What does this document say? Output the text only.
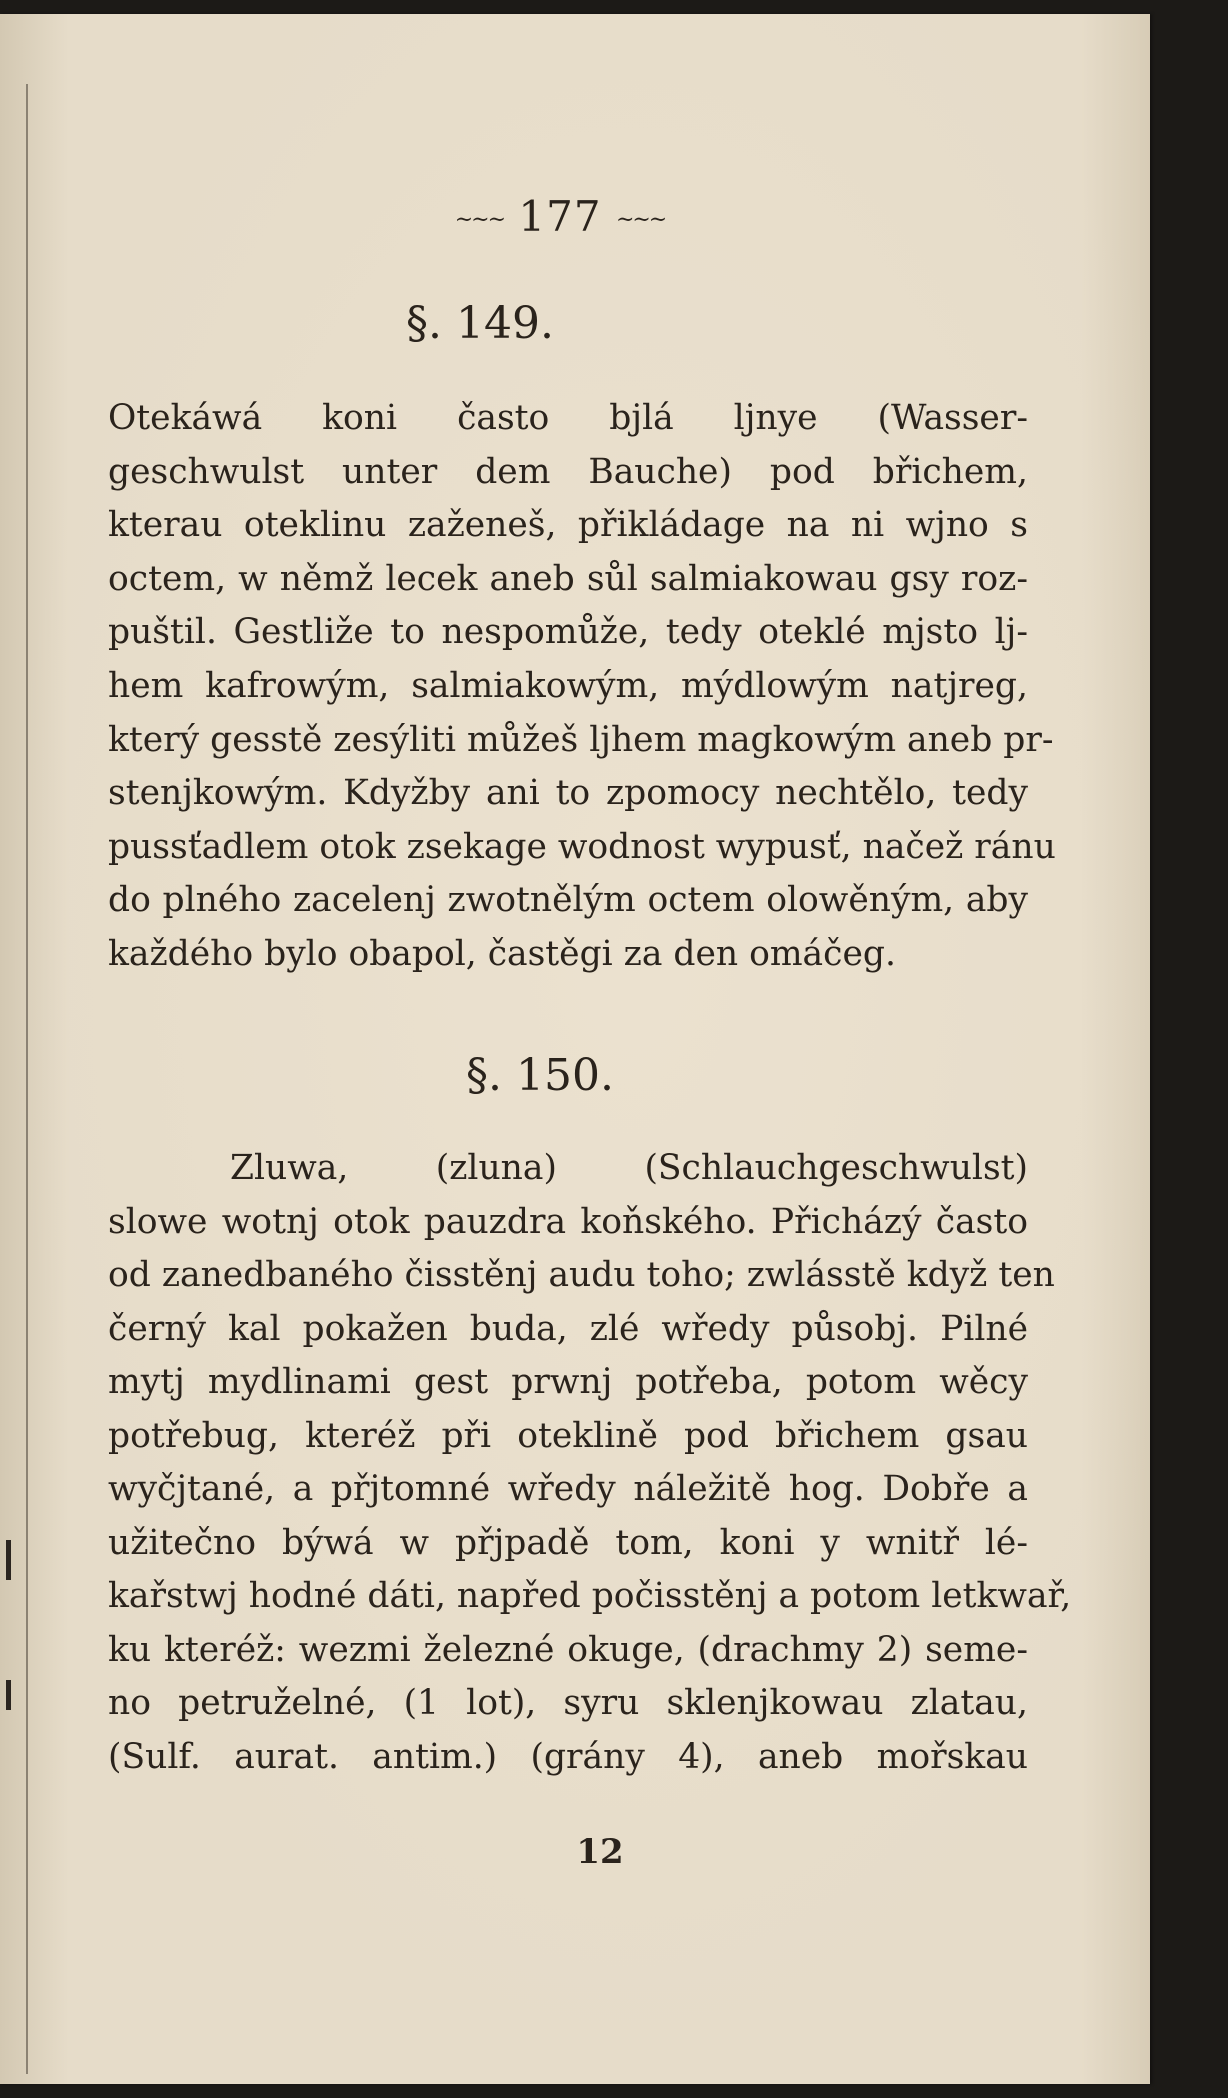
~~~ 177 ~~~
§. 149.
Otekáwá koni často bjlá ljnye (Wasser-
geschwulst unter dem Bauche) pod břichem,
kterau oteklinu zaženeš, přikládage na ni wjno s
octem, w němž lecek aneb sůl salmiakowau gsy roz-
puštil. Gestliže to nespomůže, tedy oteklé mjsto lj-
hem kafrowým, salmiakowým, mýdlowým natjreg,
který gesstě zesýliti můžeš ljhem magkowým aneb pr-
stenjkowým. Kdyžby ani to zpomocy nechtělo, tedy
pussťadlem otok zsekage wodnost wypusť, načež ránu
do plného zacelenj zwotnělým octem olowěným, aby
každého bylo obapol, častěgi za den omáčeg.
§. 150.
Zluwa, (zluna) (Schlauchgeschwulst)
slowe wotnj otok pauzdra koňského. Přicházý často
od zanedbaného čisstěnj audu toho; zwlásstě když ten
černý kal pokažen buda, zlé wředy působj. Pilné
mytj mydlinami gest prwnj potřeba, potom wěcy
potřebug, kteréž při oteklině pod břichem gsau
wyčjtané, a přjtomné wředy náležitě hog. Dobře a
užitečno býwá w přjpadě tom, koni y wnitř lé-
kařstwj hodné dáti, napřed počisstěnj a potom letkwař,
ku kteréž: wezmi železné okuge, (drachmy 2) seme-
no petruželné, (1 lot), syru sklenjkowau zlatau,
(Sulf. aurat. antim.) (grány 4), aneb mořskau
12
